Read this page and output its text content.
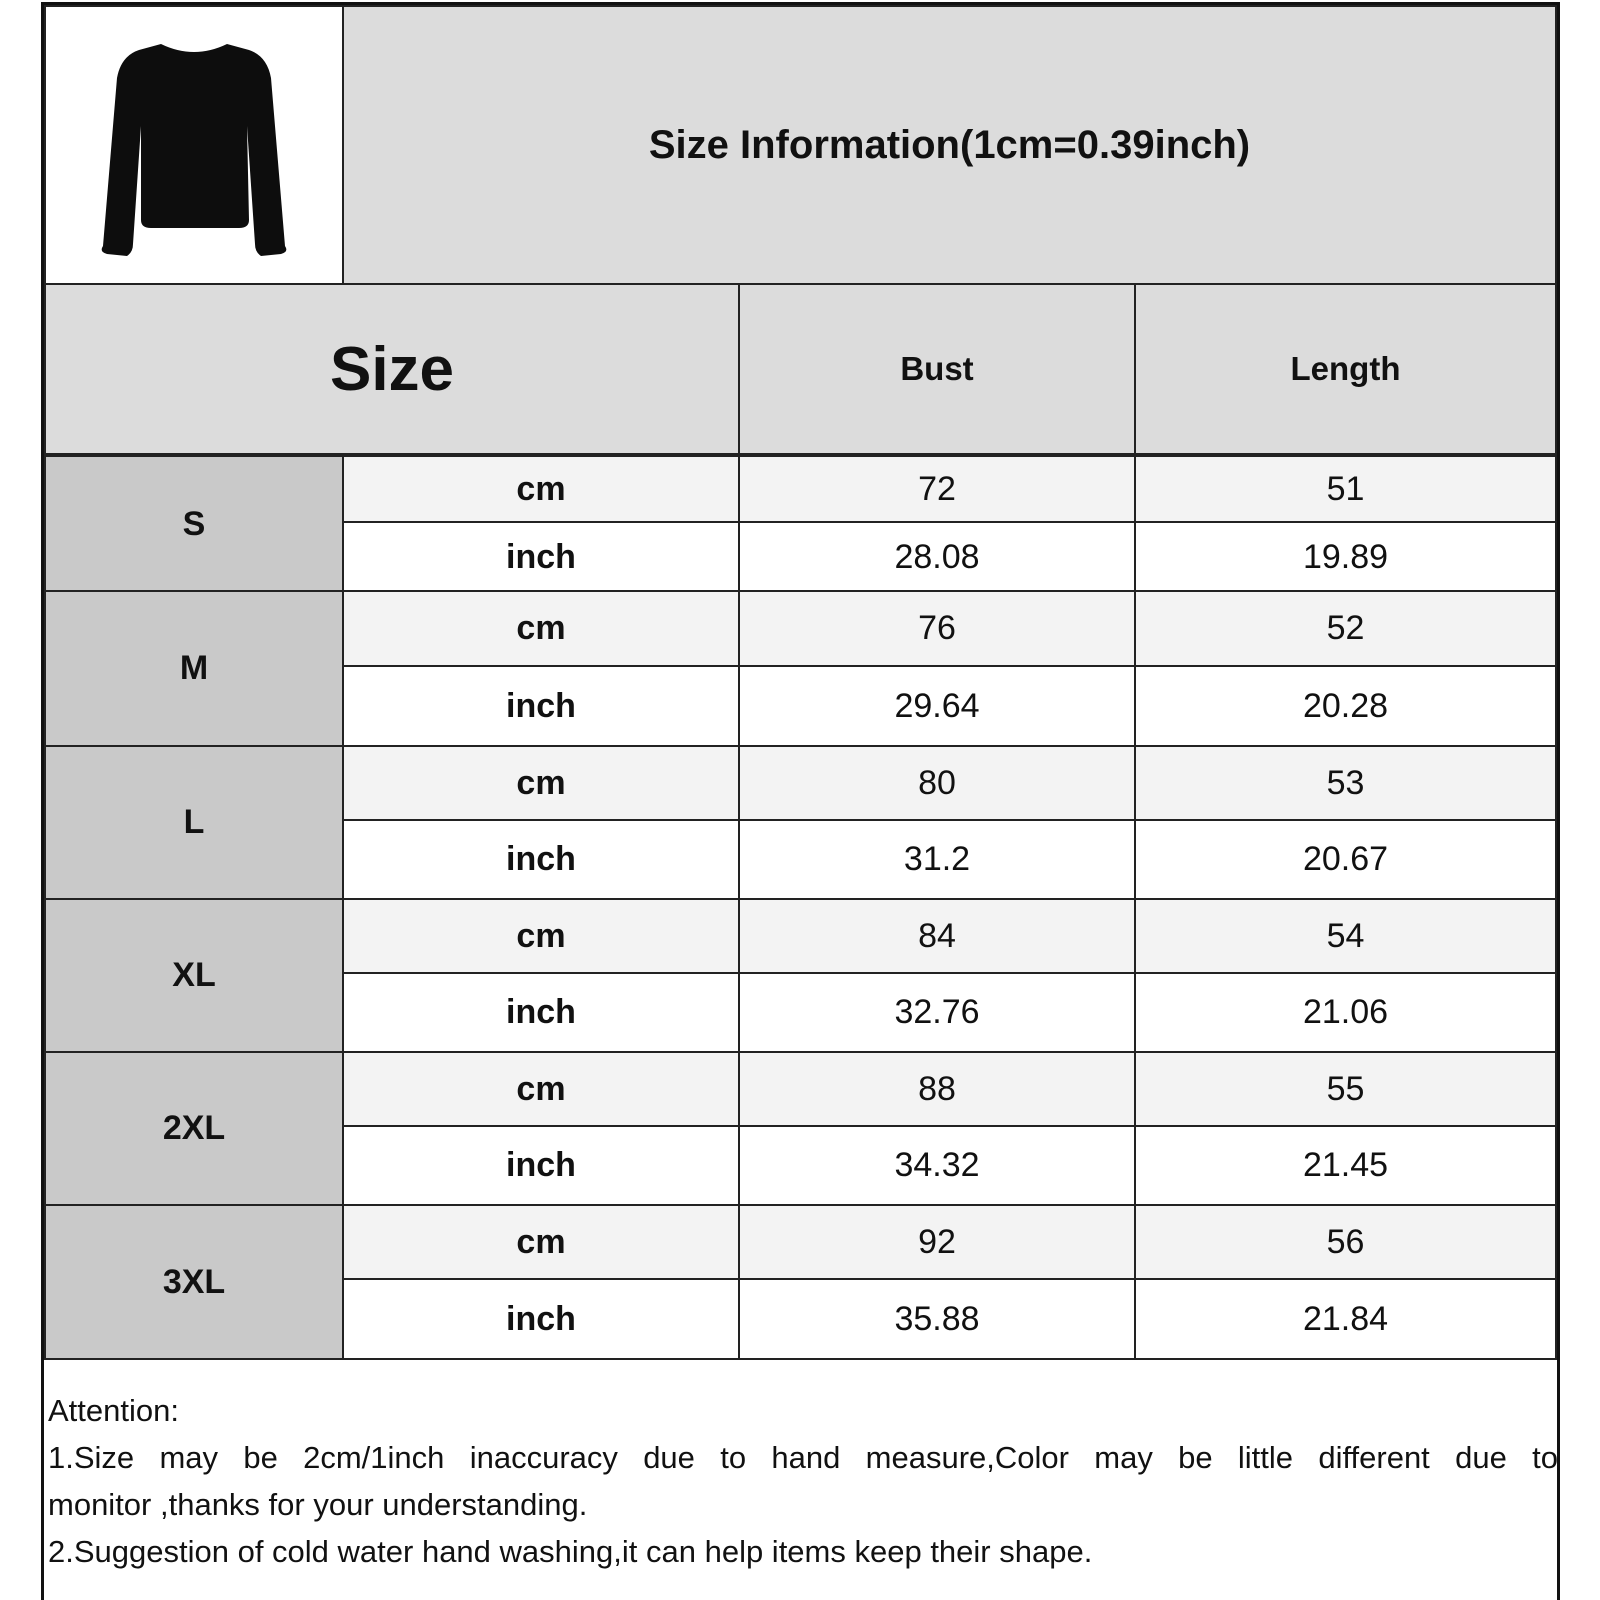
Size Information(1cm=0.39inch)
Size	Bust	Length
S
cm	72	51
inch	28.08	19.89
M
cm	76	52
inch	29.64	20.28
L
cm	80	53
inch	31.2	20.67
XL
cm	84	54
inch	32.76	21.06
2XL
cm	88	55
inch	34.32	21.45
3XL
cm	92	56
inch	35.88	21.84
Attention:
1.Size may be 2cm/1inch inaccuracy due to hand measure,Color may be little different due to
monitor ,thanks for your understanding.
2.Suggestion of cold water hand washing,it can help items keep their shape.
